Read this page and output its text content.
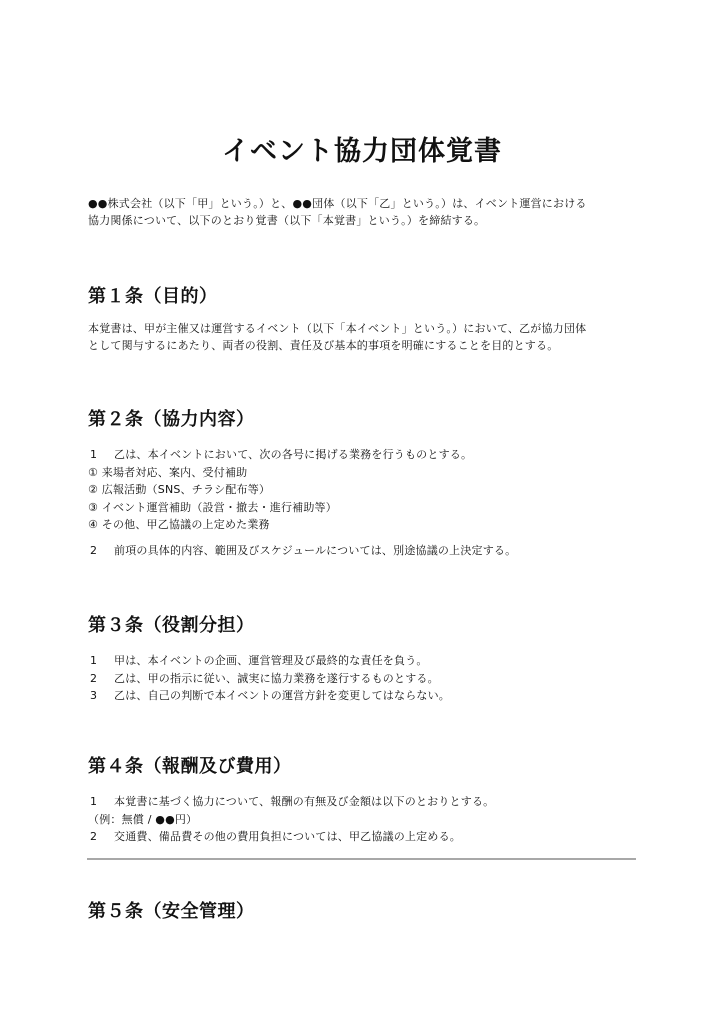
イベント協力団体覚書

●●株式会社（以下「甲」という。）と、●●団体（以下「乙」という。）は、イベント運営における
協力関係について、以下のとおり覚書（以下「本覚書」という。）を締結する。

第１条（目的）

本覚書は、甲が主催又は運営するイベント（以下「本イベント」という。）において、乙が協力団体
として関与するにあたり、両者の役割、責任及び基本的事項を明確にすることを目的とする。

第２条（協力内容）
1 乙は、本イベントにおいて、次の各号に掲げる業務を行うものとする。
① 来場者対応、案内、受付補助
② 広報活動（SNS、チラシ配布等）
③ イベント運営補助（設営・撤去・進行補助等）
④ その他、甲乙協議の上定めた業務
2 前項の具体的内容、範囲及びスケジュールについては、別途協議の上決定する。
第３条（役割分担）
1 甲は、本イベントの企画、運営管理及び最終的な責任を負う。
2 乙は、甲の指示に従い、誠実に協力業務を遂行するものとする。
3 乙は、自己の判断で本イベントの運営方針を変更してはならない。
第４条（報酬及び費用）
1 本覚書に基づく協力について、報酬の有無及び金額は以下のとおりとする。
（例：無償 / ●●円）
2 交通費、備品費その他の費用負担については、甲乙協議の上定める。
第５条（安全管理）
